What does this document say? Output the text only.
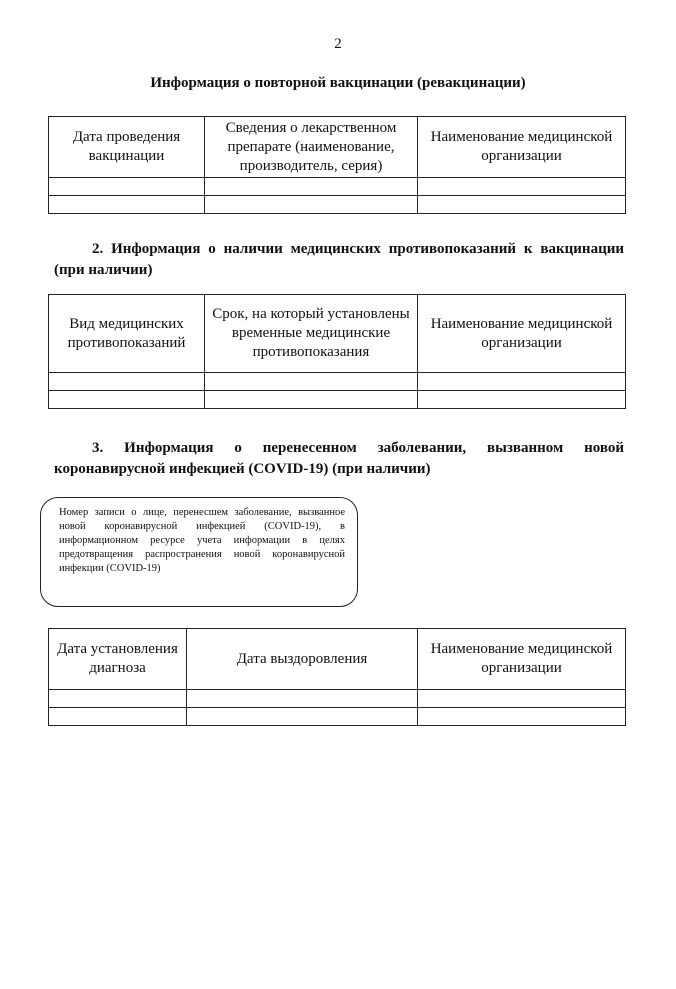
2
Информация о повторной вакцинации (ревакцинации)
Дата проведения вакцинации	Сведения о лекарственном препарате (наименование, производитель, серия)	Наименование медицинской организации

2. Информация о наличии медицинских противопоказаний к вакцинации (при наличии)
Вид медицинских противопоказаний	Срок, на который установлены временные медицинские противопоказания	Наименование медицинской организации

3. Информация о перенесенном заболевании, вызванном новой коронавирусной инфекцией (COVID-19) (при наличии)
Номер записи о лице, перенесшем заболевание, вызванное новой коронавирусной инфекцией (COVID-19), в информационном ресурсе учета информации в целях предотвращения распространения новой коронавирусной инфекции (COVID-19)
Дата установления диагноза	Дата выздоровления	Наименование медицинской организации
